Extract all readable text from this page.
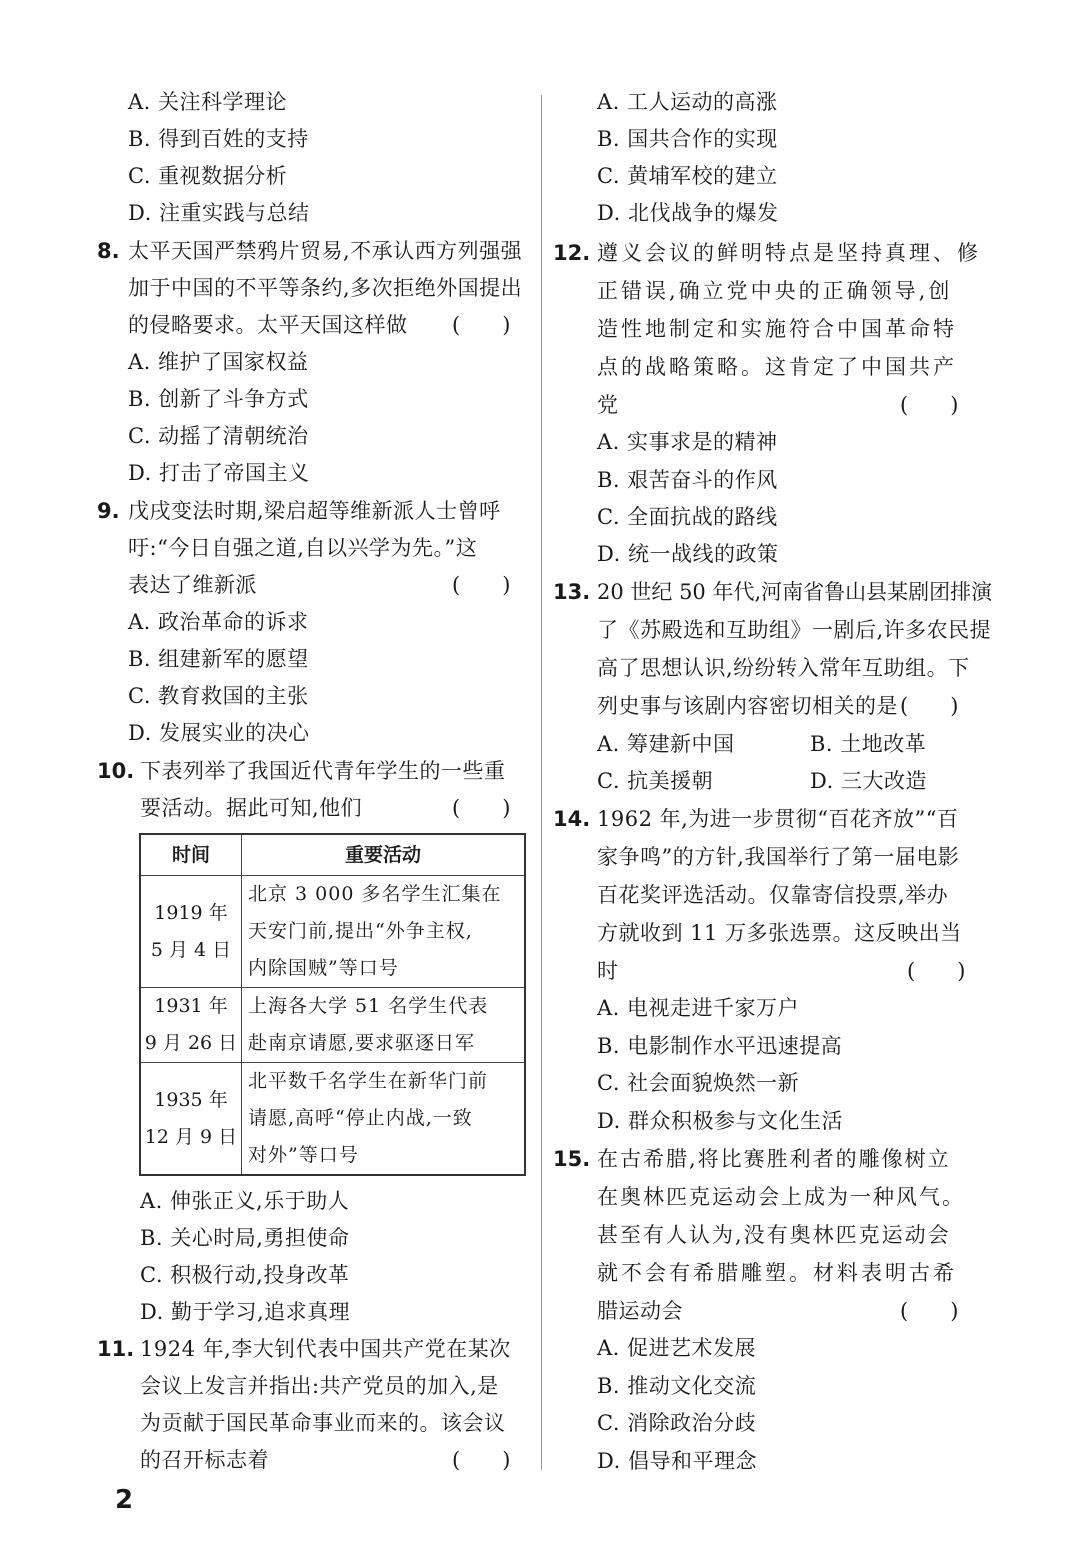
A. 关注科学理论
B. 得到百姓的支持
C. 重视数据分析
D. 注重实践与总结
8. 太平天国严禁鸦片贸易,不承认西方列强强
加于中国的不平等条约,多次拒绝外国提出
的侵略要求。太平天国这样做 (　　)
A. 维护了国家权益
B. 创新了斗争方式
C. 动摇了清朝统治
D. 打击了帝国主义
9. 戊戌变法时期,梁启超等维新派人士曾呼
吁:“今日自强之道,自以兴学为先。”这
表达了维新派	(　　)
A. 政治革命的诉求
B. 组建新军的愿望
C. 教育救国的主张
D. 发展实业的决心
10. 下表列举了我国近代青年学生的一些重
要活动。据此可知,他们	(　　)
时间	重要活动

1919 年
5 月 4 日	北京 3 000 多名学生汇集在
天安门前,提出“外争主权,
内除国贼”等口号

1931 年
9 月 26 日	上海各大学 51 名学生代表
赴南京请愿,要求驱逐日军

1935 年
12 月 9 日	北平数千名学生在新华门前
请愿,高呼“停止内战,一致
对外”等口号
A. 伸张正义,乐于助人
B. 关心时局,勇担使命
C. 积极行动,投身改革
D. 勤于学习,追求真理
11. 1924 年,李大钊代表中国共产党在某次
会议上发言并指出:共产党员的加入,是
为贡献于国民革命事业而来的。该会议
的召开标志着	(　　)
2
A. 工人运动的高涨
B. 国共合作的实现
C. 黄埔军校的建立
D. 北伐战争的爆发
12. 遵义会议的鲜明特点是坚持真理、修
正错误,确立党中央的正确领导,创
造性地制定和实施符合中国革命特
点的战略策略。这肯定了中国共产
党	(　　)
A. 实事求是的精神
B. 艰苦奋斗的作风
C. 全面抗战的路线
D. 统一战线的政策
13. 20 世纪 50 年代,河南省鲁山县某剧团排演
了《苏殿选和互助组》一剧后,许多农民提
高了思想认识,纷纷转入常年互助组。下
列史事与该剧内容密切相关的是 (　　)
A. 筹建新中国	B. 土地改革
C. 抗美援朝	D. 三大改造
14. 1962 年,为进一步贯彻“百花齐放”“百
家争鸣”的方针,我国举行了第一届电影
百花奖评选活动。仅靠寄信投票,举办
方就收到 11 万多张选票。这反映出当
时	(　　)
A. 电视走进千家万户
B. 电影制作水平迅速提高
C. 社会面貌焕然一新
D. 群众积极参与文化生活
15. 在古希腊,将比赛胜利者的雕像树立
在奥林匹克运动会上成为一种风气。
甚至有人认为,没有奥林匹克运动会
就不会有希腊雕塑。材料表明古希
腊运动会	(　　)
A. 促进艺术发展
B. 推动文化交流
C. 消除政治分歧
D. 倡导和平理念
